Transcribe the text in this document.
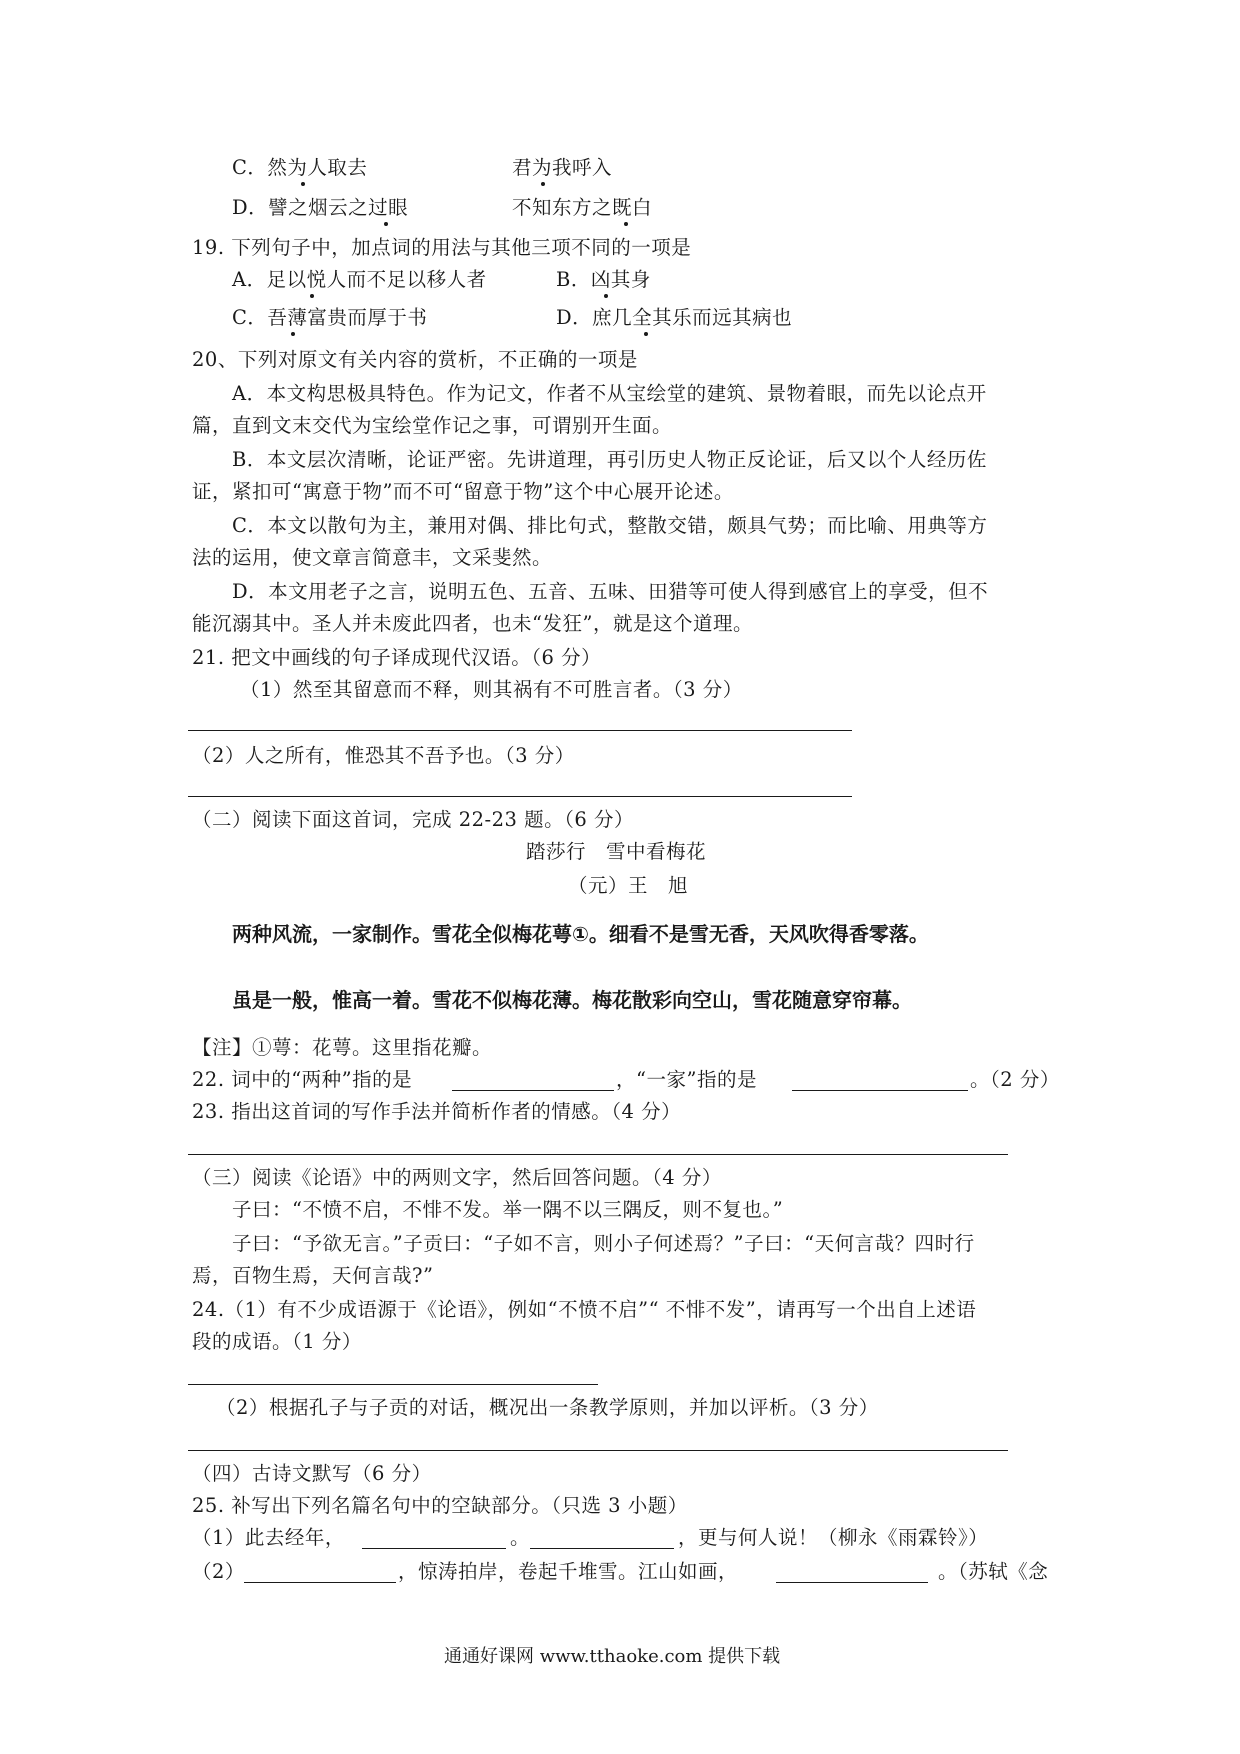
C．然为人取去	君为我呼入
D．譬之烟云之过眼	不知东方之既白
19. 下列句子中，加点词的用法与其他三项不同的一项是
A．足以悦人而不足以移人者	B．凶其身
C．吾薄富贵而厚于书	D．庶几全其乐而远其病也
20、下列对原文有关内容的赏析，不正确的一项是
A．本文构思极具特色。作为记文，作者不从宝绘堂的建筑、景物着眼，而先以论点开
篇，直到文末交代为宝绘堂作记之事，可谓别开生面。
B．本文层次清晰，论证严密。先讲道理，再引历史人物正反论证，后又以个人经历佐
证，紧扣可“寓意于物”而不可“留意于物”这个中心展开论述。
C．本文以散句为主，兼用对偶、排比句式，整散交错，颇具气势；而比喻、用典等方
法的运用，使文章言简意丰，文采斐然。
D．本文用老子之言，说明五色、五音、五味、田猎等可使人得到感官上的享受，但不
能沉溺其中。圣人并未废此四者，也未“发狂”，就是这个道理。
21. 把文中画线的句子译成现代汉语。（6 分）
（1）然至其留意而不释，则其祸有不可胜言者。（3 分）
（2）人之所有，惟恐其不吾予也。（3 分）
（二）阅读下面这首词，完成 22-23 题。（6 分）
踏莎行　雪中看梅花
（元）王　旭
两种风流，一家制作。雪花全似梅花萼①。细看不是雪无香，天风吹得香零落。
虽是一般，惟高一着。雪花不似梅花薄。梅花散彩向空山，雪花随意穿帘幕。
【注】①萼：花萼。这里指花瓣。
22. 词中的“两种”指的是	，“一家”指的是	。（2 分）
23. 指出这首词的写作手法并简析作者的情感。（4 分）
（三）阅读《论语》中的两则文字，然后回答问题。（4 分）
子曰：“不愤不启，不悱不发。举一隅不以三隅反，则不复也。”
子曰：“予欲无言。”子贡曰：“子如不言，则小子何述焉？”子曰：“天何言哉？四时行
焉，百物生焉，天何言哉?”
24.（1）有不少成语源于《论语》，例如“不愤不启”“ 不悱不发”，请再写一个出自上述语
段的成语。（1 分）
（2）根据孔子与子贡的对话，概况出一条教学原则，并加以评析。（3 分）
（四）古诗文默写（6 分）
25. 补写出下列名篇名句中的空缺部分。（只选 3 小题）
（1）此去经年，	。	，更与何人说！（柳永《雨霖铃》）
（2）	，惊涛拍岸，卷起千堆雪。江山如画，	。（苏轼《念
通通好课网 www.tthaoke.com 提供下载
